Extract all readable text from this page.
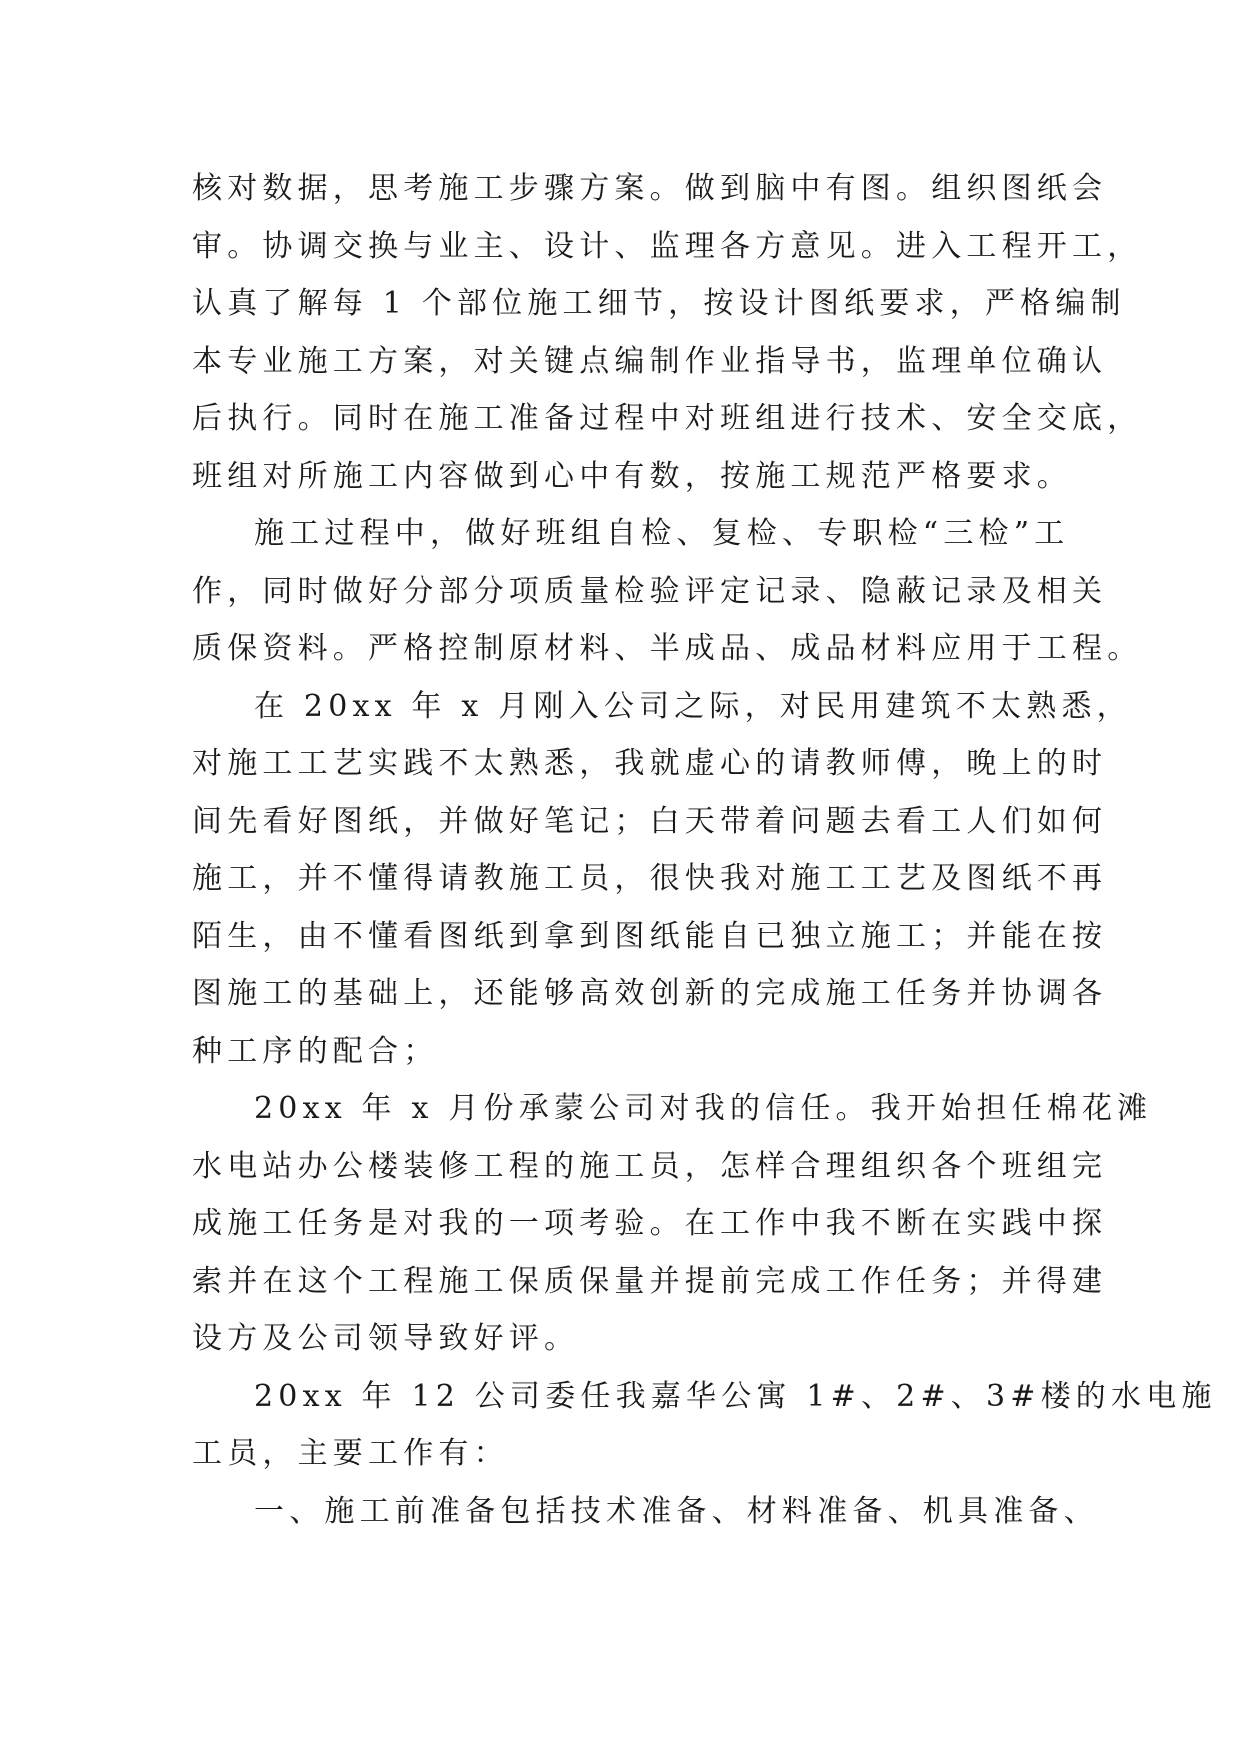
核对数据，思考施工步骤方案。做到脑中有图。组织图纸会
审。协调交换与业主、设计、监理各方意见。进入工程开工，
认真了解每 1 个部位施工细节，按设计图纸要求，严格编制
本专业施工方案，对关键点编制作业指导书，监理单位确认
后执行。同时在施工准备过程中对班组进行技术、安全交底，
班组对所施工内容做到心中有数，按施工规范严格要求。
施工过程中，做好班组自检、复检、专职检“三检”工
作，同时做好分部分项质量检验评定记录、隐蔽记录及相关
质保资料。严格控制原材料、半成品、成品材料应用于工程。
在 20xx 年 x 月刚入公司之际，对民用建筑不太熟悉，
对施工工艺实践不太熟悉，我就虚心的请教师傅，晚上的时
间先看好图纸，并做好笔记；白天带着问题去看工人们如何
施工，并不懂得请教施工员，很快我对施工工艺及图纸不再
陌生，由不懂看图纸到拿到图纸能自已独立施工；并能在按
图施工的基础上，还能够高效创新的完成施工任务并协调各
种工序的配合；
20xx 年 x 月份承蒙公司对我的信任。我开始担任棉花滩
水电站办公楼装修工程的施工员，怎样合理组织各个班组完
成施工任务是对我的一项考验。在工作中我不断在实践中探
索并在这个工程施工保质保量并提前完成工作任务；并得建
设方及公司领导致好评。
20xx 年 12 公司委任我嘉华公寓 1#、2#、3#楼的水电施
工员，主要工作有：
一、施工前准备包括技术准备、材料准备、机具准备、
